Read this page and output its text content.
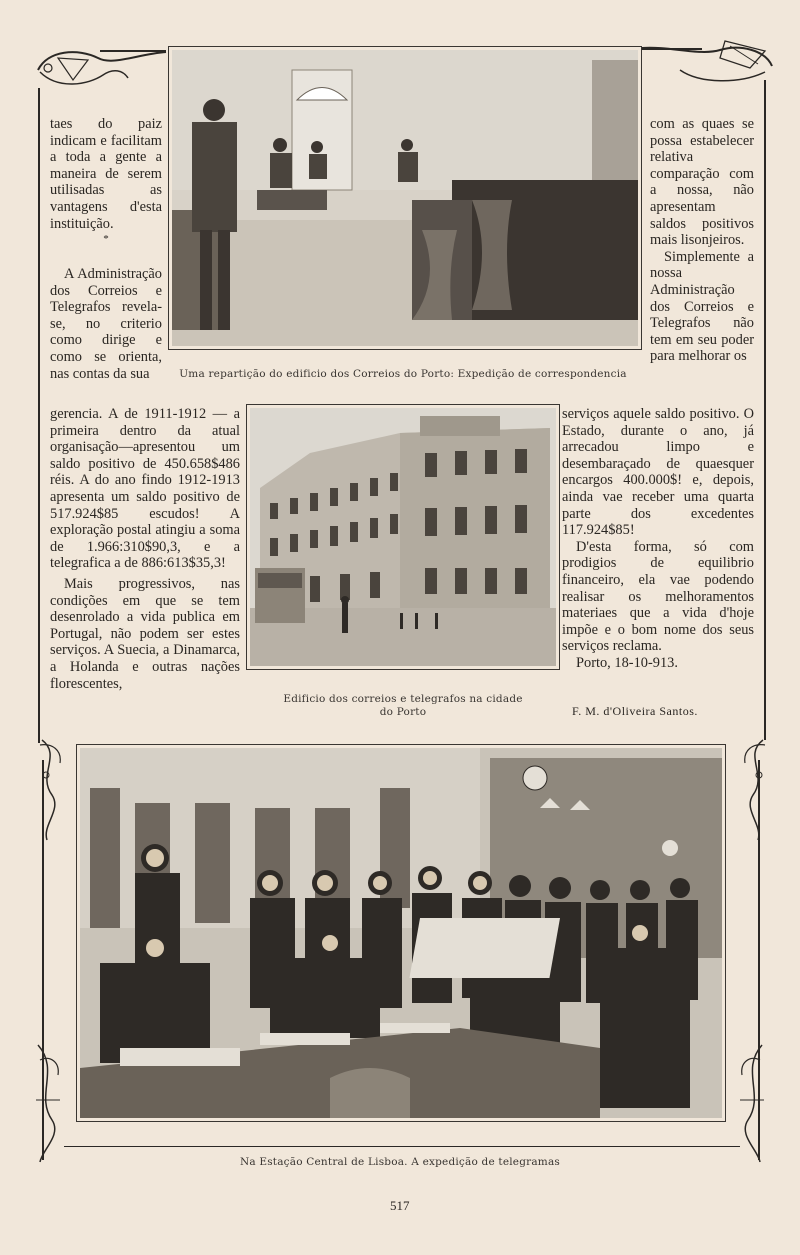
Uma repartição do edificio dos Correios do Porto: Expedição de correspondencia
Edificio dos correios e telegrafos na cidade
do Porto

taes do paiz indicam e facilitam a toda a gente a maneira de serem utilisadas as vantagens d'esta instituição.

*

A Administração dos Correios e Telegrafos revela-se, no criterio como dirige e como se orienta, nas contas da sua

gerencia. A de 1911-1912 — a primeira dentro da atual organisação—apresentou um saldo positivo de 450.658$486 réis. A do ano findo 1912-1913 apresenta um saldo positivo de 517.924$85 escudos! A exploração postal atingiu a soma de 1.966:310$90,3, e a telegrafica a de 886:613$35,3!

Mais progressivos, nas condições em que se tem desenrolado a vida publica em Portugal, não podem ser estes serviços. A Suecia, a Dinamarca, a Holanda e outras nações florescentes,

com as quaes se possa estabelecer relativa comparação com a nossa, não apresentam saldos positivos mais lisonjeiros.

Simplemente a nossa Administração dos Correios e Telegrafos não tem em seu poder para melhorar os

serviços aquele saldo positivo. O Estado, durante o ano, já arrecadou limpo e desembaraçado de quaesquer encargos 400.000$! e, depois, ainda vae receber uma quarta parte dos excedentes 117.924$85!

D'esta forma, só com prodigios de equilibrio financeiro, ela vae podendo realisar os melhoramentos materiaes que a vida d'hoje impõe e o bom nome dos seus serviços reclama.

Porto, 18-10-913.

F. M. d'Oliveira Santos.
Na Estação Central de Lisboa. A expedição de telegramas
517
